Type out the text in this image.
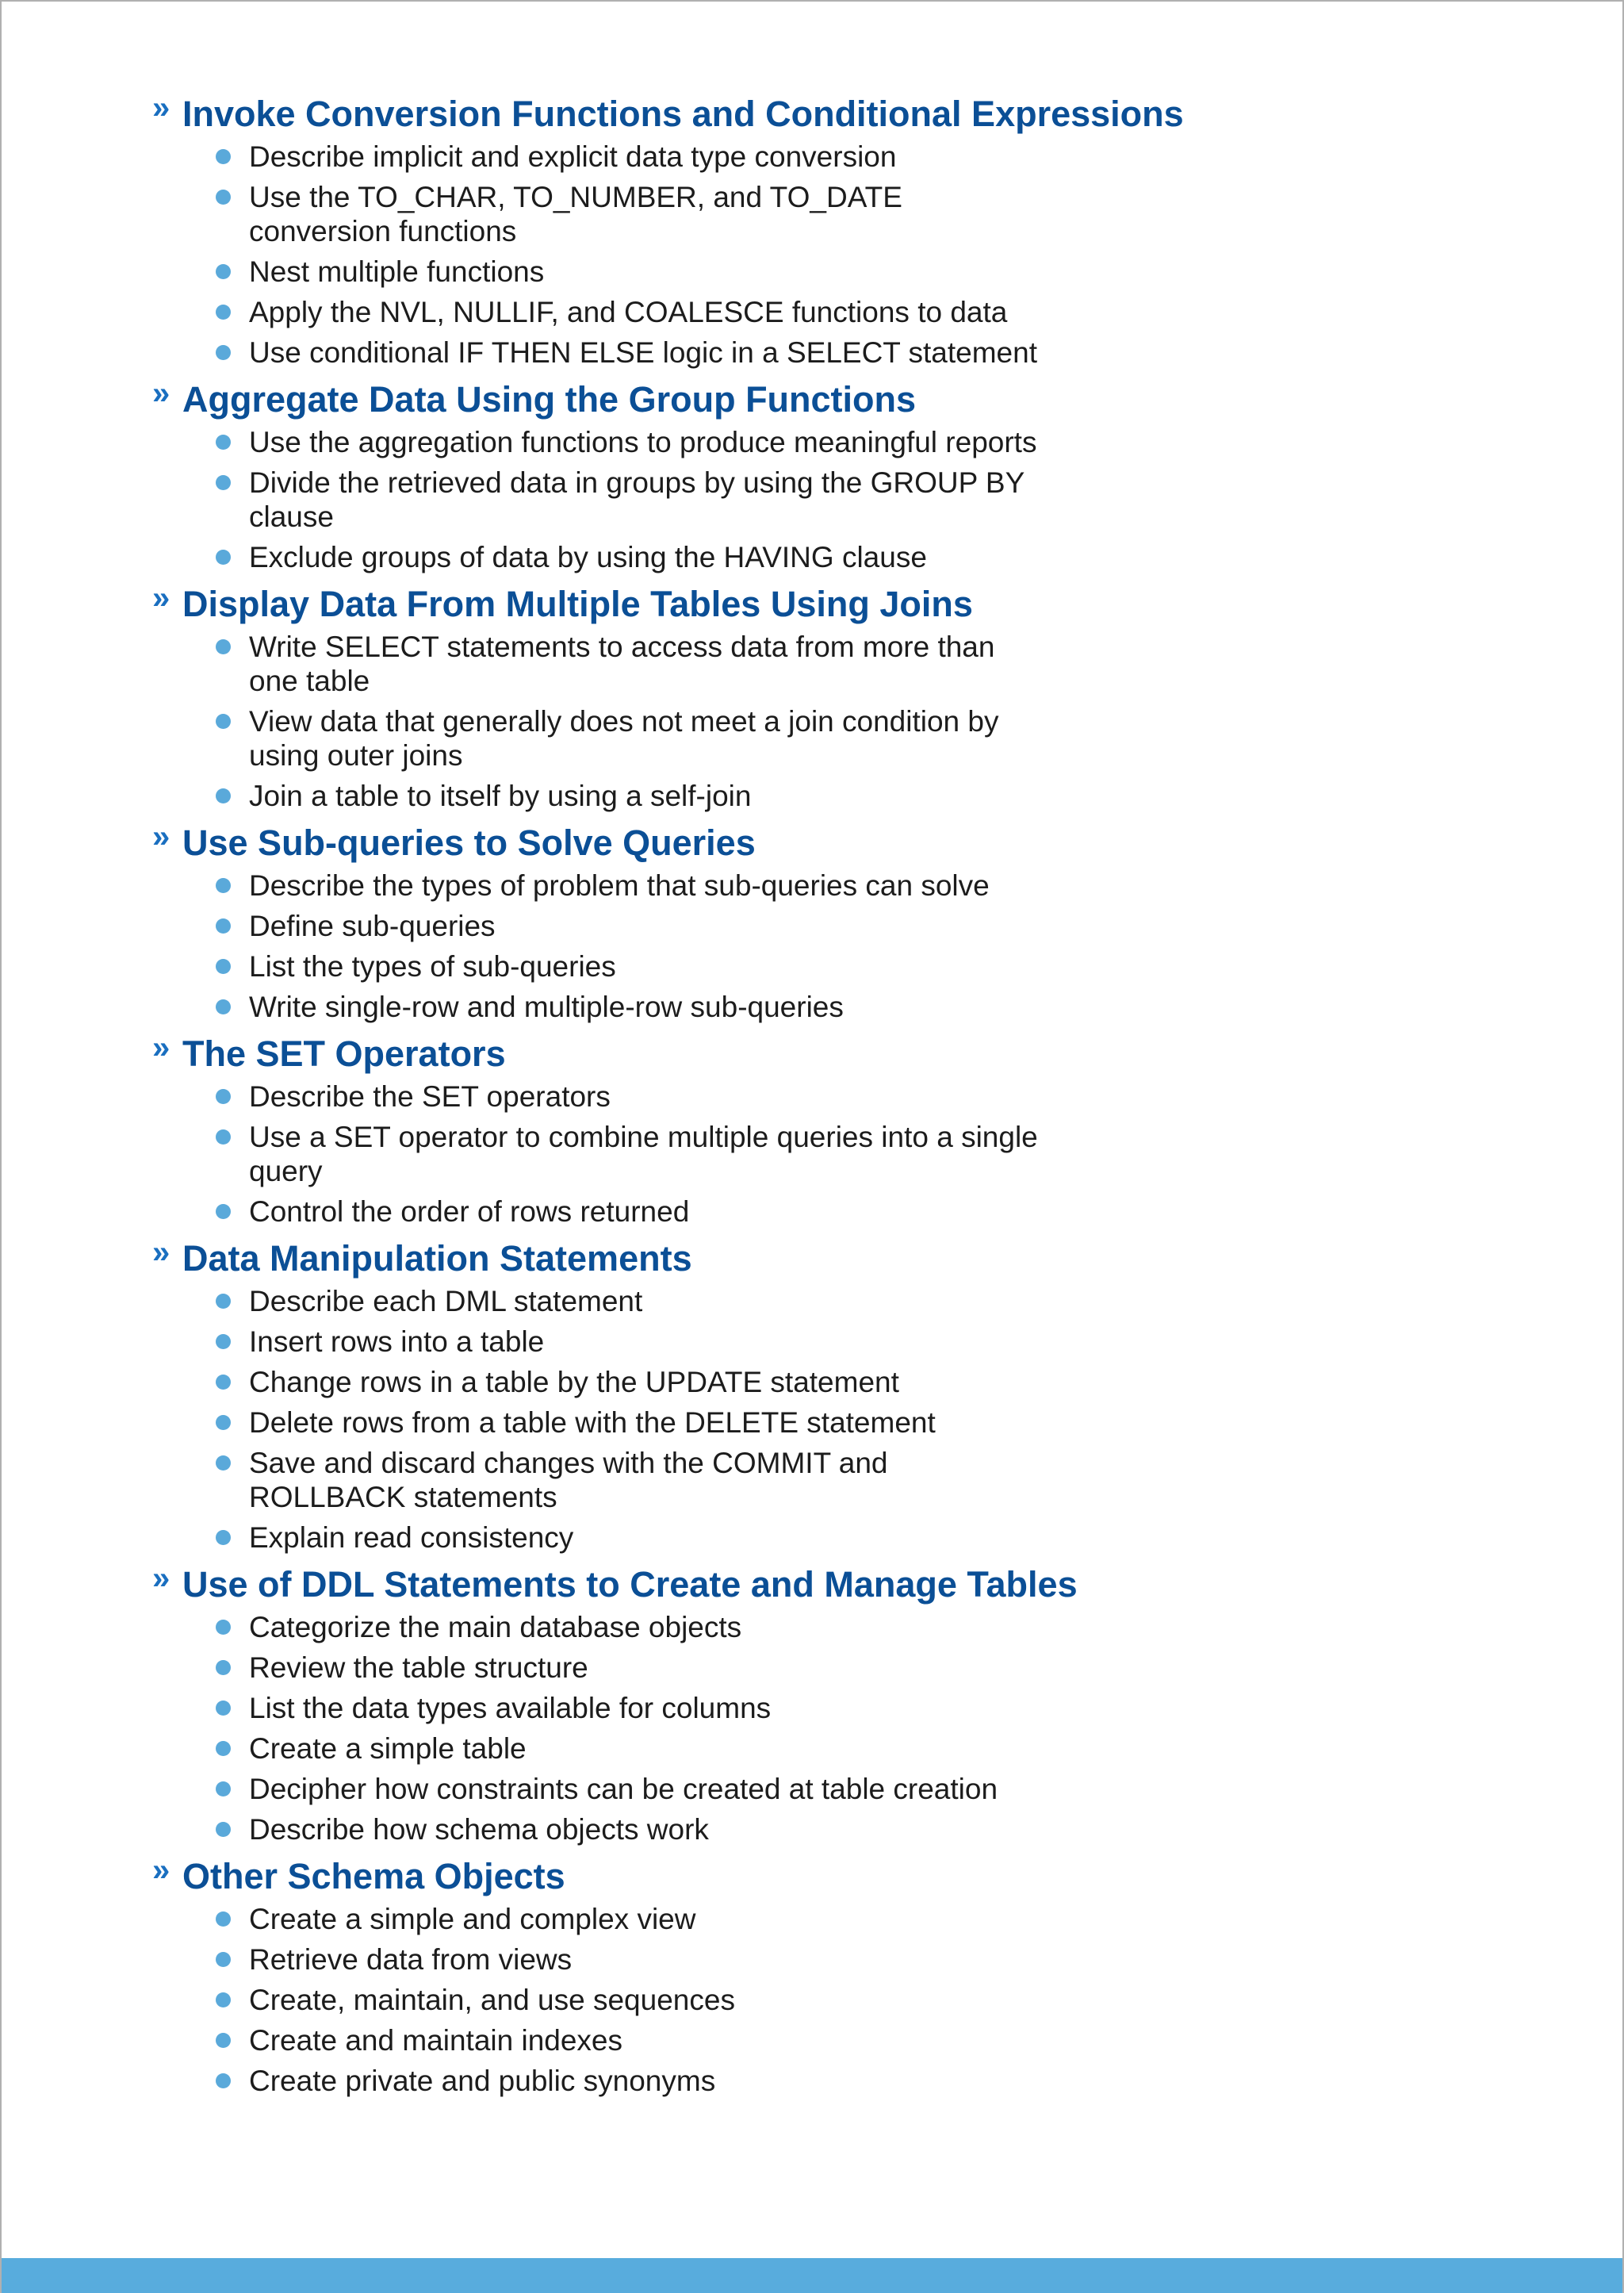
» Invoke Conversion Functions and Conditional Expressions
Describe implicit and explicit data type conversion
Use the TO_CHAR, TO_NUMBER, and TO_DATE conversion functions
Nest multiple functions
Apply the NVL, NULLIF, and COALESCE functions to data
Use conditional IF THEN ELSE logic in a SELECT statement
» Aggregate Data Using the Group Functions
Use the aggregation functions to produce meaningful reports
Divide the retrieved data in groups by using the GROUP BY clause
Exclude groups of data by using the HAVING clause
» Display Data From Multiple Tables Using Joins
Write SELECT statements to access data from more than one table
View data that generally does not meet a join condition by using outer joins
Join a table to itself by using a self-join
» Use Sub-queries to Solve Queries
Describe the types of problem that sub-queries can solve
Define sub-queries
List the types of sub-queries
Write single-row and multiple-row sub-queries
» The SET Operators
Describe the SET operators
Use a SET operator to combine multiple queries into a single query
Control the order of rows returned
» Data Manipulation Statements
Describe each DML statement
Insert rows into a table
Change rows in a table by the UPDATE statement
Delete rows from a table with the DELETE statement
Save and discard changes with the COMMIT and ROLLBACK statements
Explain read consistency
» Use of DDL Statements to Create and Manage Tables
Categorize the main database objects
Review the table structure
List the data types available for columns
Create a simple table
Decipher how constraints can be created at table creation
Describe how schema objects work
» Other Schema Objects
Create a simple and complex view
Retrieve data from views
Create, maintain, and use sequences
Create and maintain indexes
Create private and public synonyms
